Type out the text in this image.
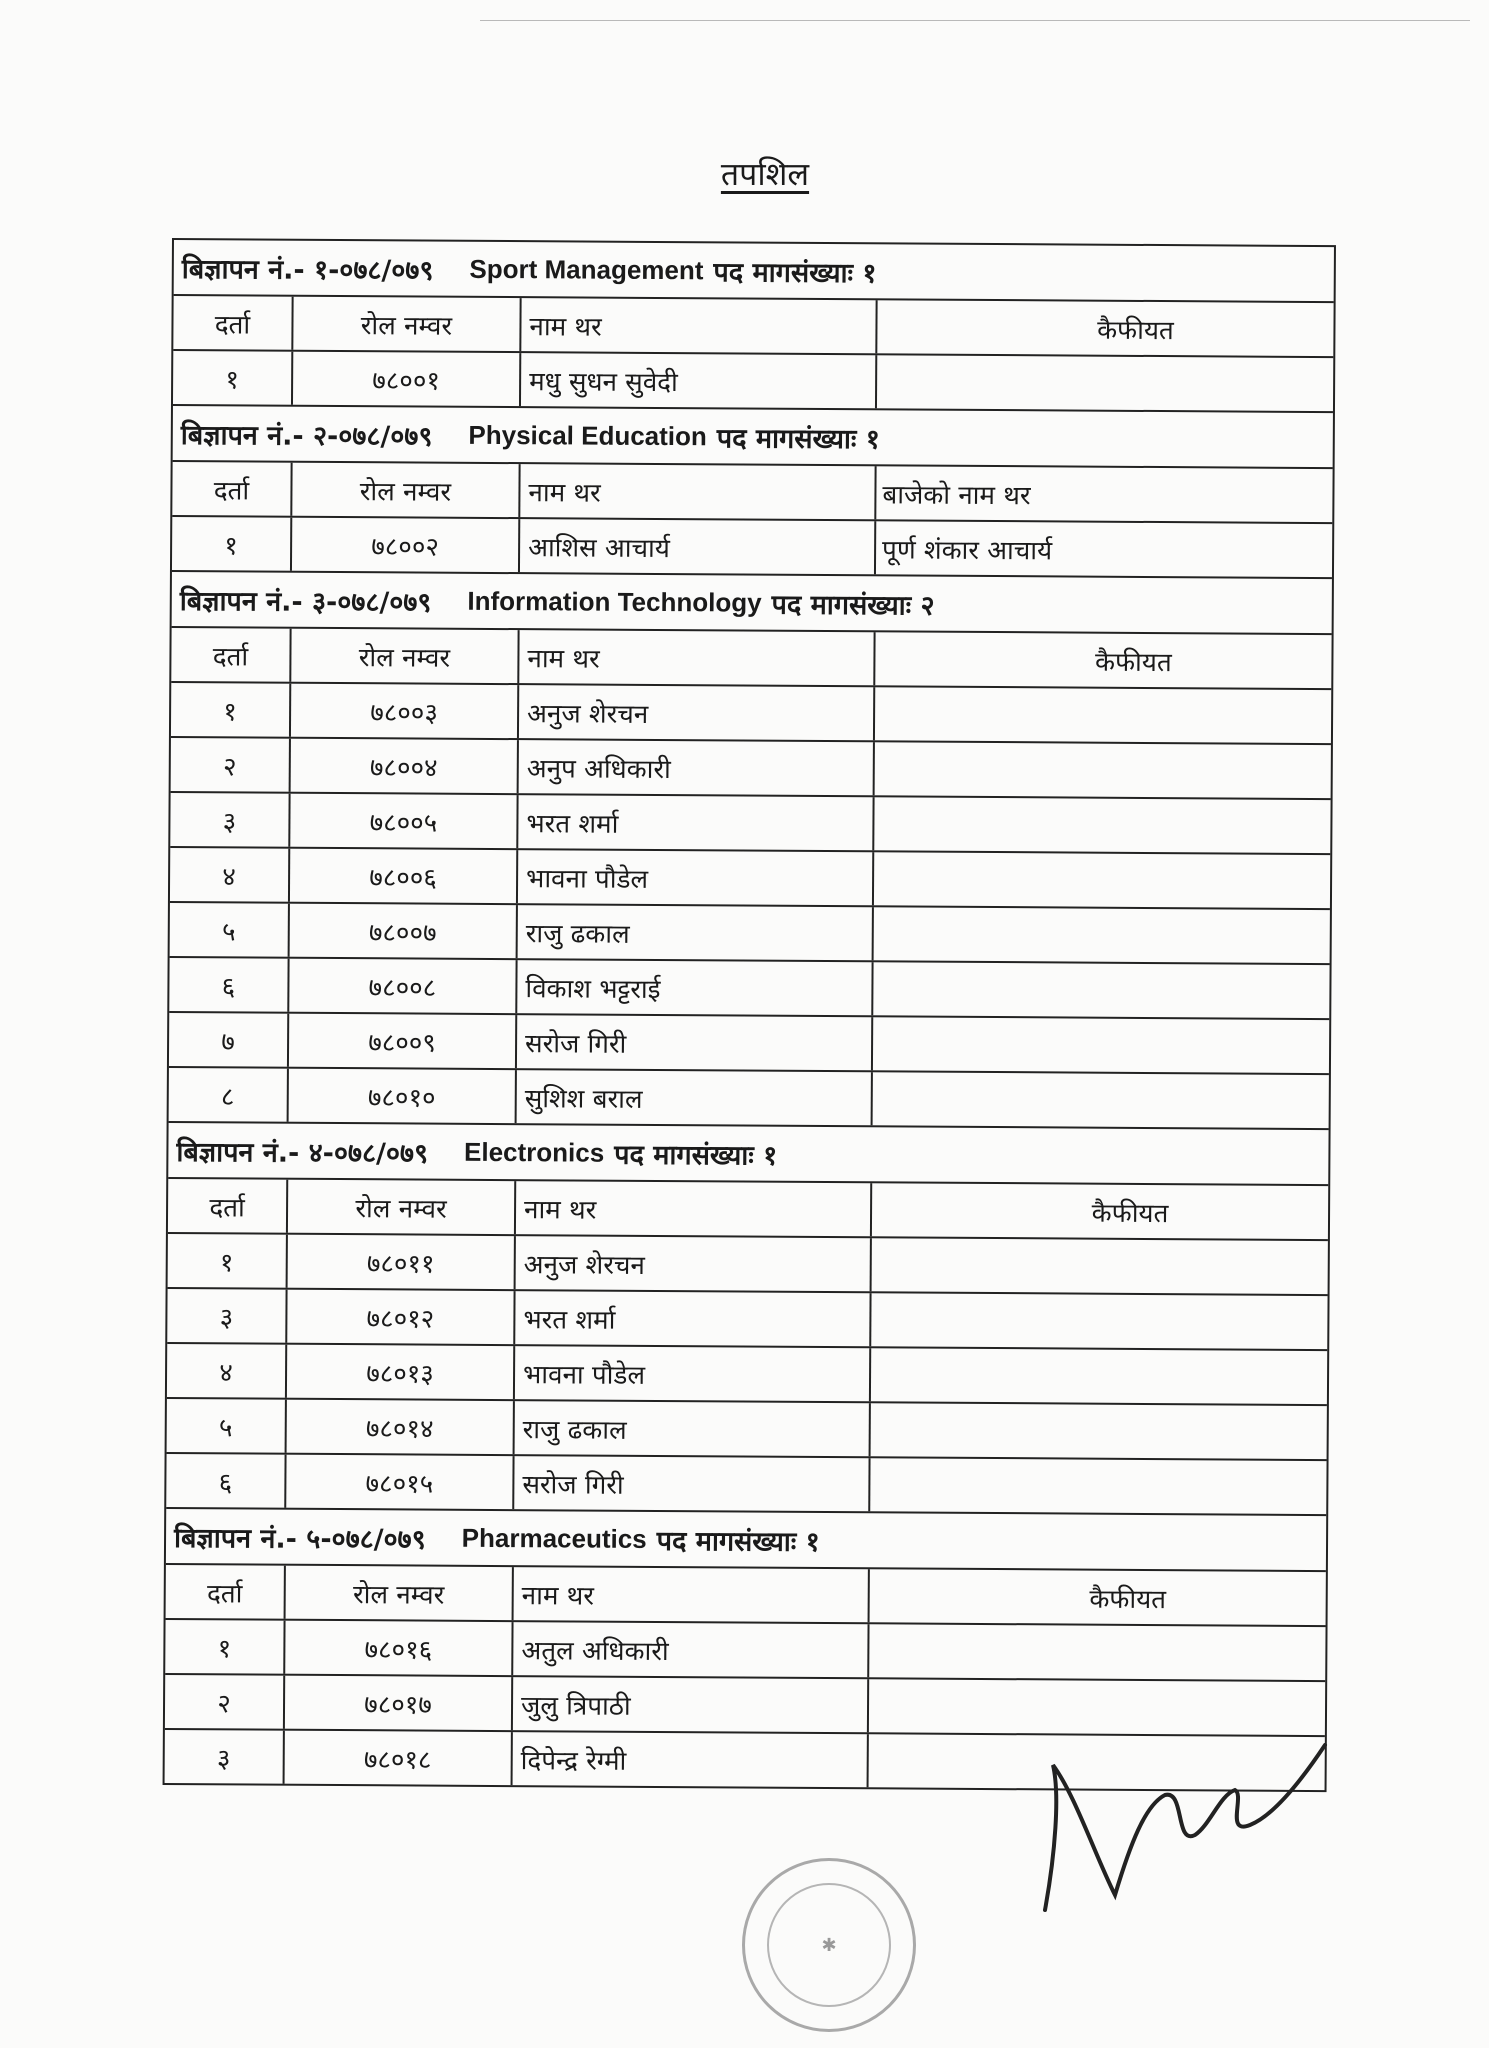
तपशिल
बिज्ञापन नं.- १-०७८/०७९ Sport Management पद मागसंख्याः १
दर्ता	रोल नम्वर	नाम थर	कैफीयत
१	७८००१	मधु सुधन सुवेदी
बिज्ञापन नं.- २-०७८/०७९ Physical Education पद मागसंख्याः १
दर्ता	रोल नम्वर	नाम थर	बाजेको नाम थर
१	७८००२	आशिस आचार्य	पूर्ण शंकार आचार्य
बिज्ञापन नं.- ३-०७८/०७९ Information Technology पद मागसंख्याः २
दर्ता	रोल नम्वर	नाम थर	कैफीयत
१	७८००३	अनुज शेरचन
२	७८००४	अनुप अधिकारी
३	७८००५	भरत शर्मा
४	७८००६	भावना पौडेल
५	७८००७	राजु ढकाल
६	७८००८	विकाश भट्टराई
७	७८००९	सरोज गिरी
८	७८०१०	सुशिश बराल
बिज्ञापन नं.- ४-०७८/०७९ Electronics पद मागसंख्याः १
दर्ता	रोल नम्वर	नाम थर	कैफीयत
१	७८०११	अनुज शेरचन
३	७८०१२	भरत शर्मा
४	७८०१३	भावना पौडेल
५	७८०१४	राजु ढकाल
६	७८०१५	सरोज गिरी
बिज्ञापन नं.- ५-०७८/०७९ Pharmaceutics पद मागसंख्याः १
दर्ता	रोल नम्वर	नाम थर	कैफीयत
१	७८०१६	अतुल अधिकारी
२	७८०१७	जुलु त्रिपाठी
३	७८०१८	दिपेन्द्र रेग्मी
✱
